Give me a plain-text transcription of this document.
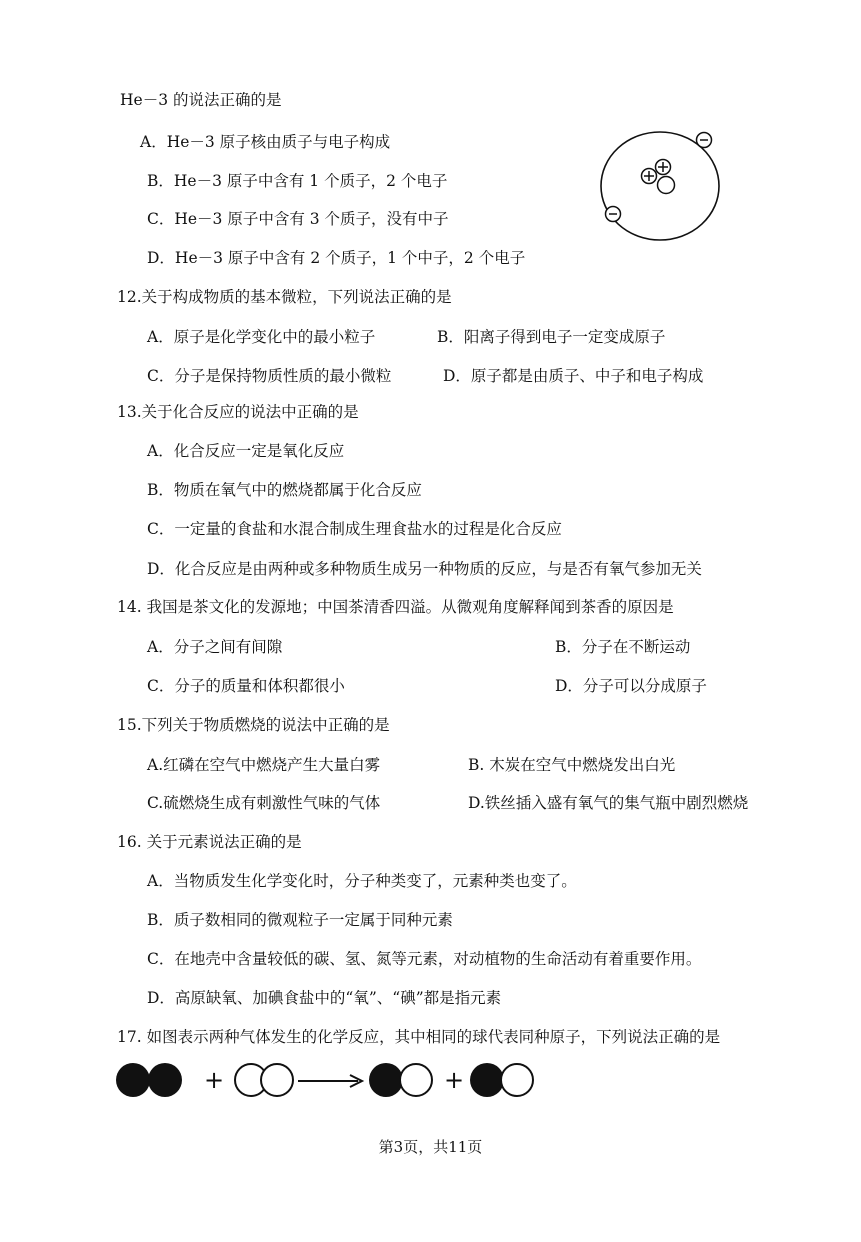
He－3 的说法正确的是
A．He－3 原子核由质子与电子构成
B．He－3 原子中含有 1 个质子，2 个电子
C．He－3 原子中含有 3 个质子，没有中子
D．He－3 原子中含有 2 个质子，1 个中子，2 个电子
12.关于构成物质的基本微粒，下列说法正确的是
A．原子是化学变化中的最小粒子	B．阳离子得到电子一定变成原子
C．分子是保持物质性质的最小微粒	D．原子都是由质子、中子和电子构成
13.关于化合反应的说法中正确的是
A．化合反应一定是氧化反应
B．物质在氧气中的燃烧都属于化合反应
C．一定量的食盐和水混合制成生理食盐水的过程是化合反应
D．化合反应是由两种或多种物质生成另一种物质的反应，与是否有氧气参加无关
14. 我国是茶文化的发源地；中国茶清香四溢。从微观角度解释闻到茶香的原因是
A．分子之间有间隙	B．分子在不断运动
C．分子的质量和体积都很小	D．分子可以分成原子
15.下列关于物质燃烧的说法中正确的是
A.红磷在空气中燃烧产生大量白雾	B. 木炭在空气中燃烧发出白光
C.硫燃烧生成有刺激性气味的气体	D.铁丝插入盛有氧气的集气瓶中剧烈燃烧
16. 关于元素说法正确的是
A．当物质发生化学变化时，分子种类变了，元素种类也变了。
B．质子数相同的微观粒子一定属于同种元素
C．在地壳中含量较低的碳、氢、氮等元素，对动植物的生命活动有着重要作用。
D．高原缺氧、加碘食盐中的“氧”、“碘”都是指元素
17. 如图表示两种气体发生的化学反应，其中相同的球代表同种原子，下列说法正确的是
+	+
第3页，共11页
